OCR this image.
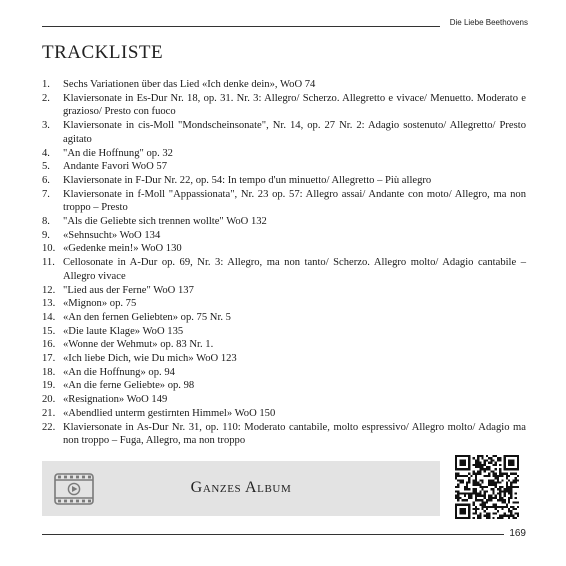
Die Liebe Beethovens
TRACKLISTE
1.	Sechs Variationen über das Lied «Ich denke dein», WoO 74
2.	Klaviersonate in Es-Dur Nr. 18, op. 31. Nr. 3: Allegro/ Scherzo. Allegretto e vivace/ Menuetto. Moderato e grazioso/ Presto con fuoco
3.	Klaviersonate in cis-Moll "Mondscheinsonate", Nr. 14, op. 27 Nr. 2: Adagio sostenuto/ Allegretto/ Presto agitato
4.	"An die Hoffnung" op. 32
5.	Andante Favori WoO 57
6.	Klaviersonate in F-Dur Nr. 22, op. 54: In tempo d'un minuetto/ Allegretto – Più allegro
7.	Klaviersonate in f-Moll "Appassionata", Nr. 23 op. 57: Allegro assai/ Andante con moto/ Allegro, ma non troppo – Presto
8.	"Als die Geliebte sich trennen wollte" WoO 132
9.	«Sehnsucht» WoO 134
10. «Gedenke mein!» WoO 130
11. Cellosonate in A-Dur op. 69, Nr. 3: Allegro, ma non tanto/ Scherzo. Allegro molto/ Adagio cantabile – Allegro vivace
12. "Lied aus der Ferne" WoO 137
13. «Mignon» op. 75
14. «An den fernen Geliebten» op. 75 Nr. 5
15. «Die laute Klage» WoO 135
16. «Wonne der Wehmut» op. 83 Nr. 1.
17. «Ich liebe Dich, wie Du mich» WoO 123
18. «An die Hoffnung» op. 94
19. «An die ferne Geliebte» op. 98
20. «Resignation» WoO 149
21. «Abendlied unterm gestirnten Himmel» WoO 150
22. Klaviersonate in As-Dur Nr. 31, op. 110: Moderato cantabile, molto espressivo/ Allegro molto/ Adagio ma non troppo – Fuga, Allegro, ma non troppo
Ganzes Album
169
